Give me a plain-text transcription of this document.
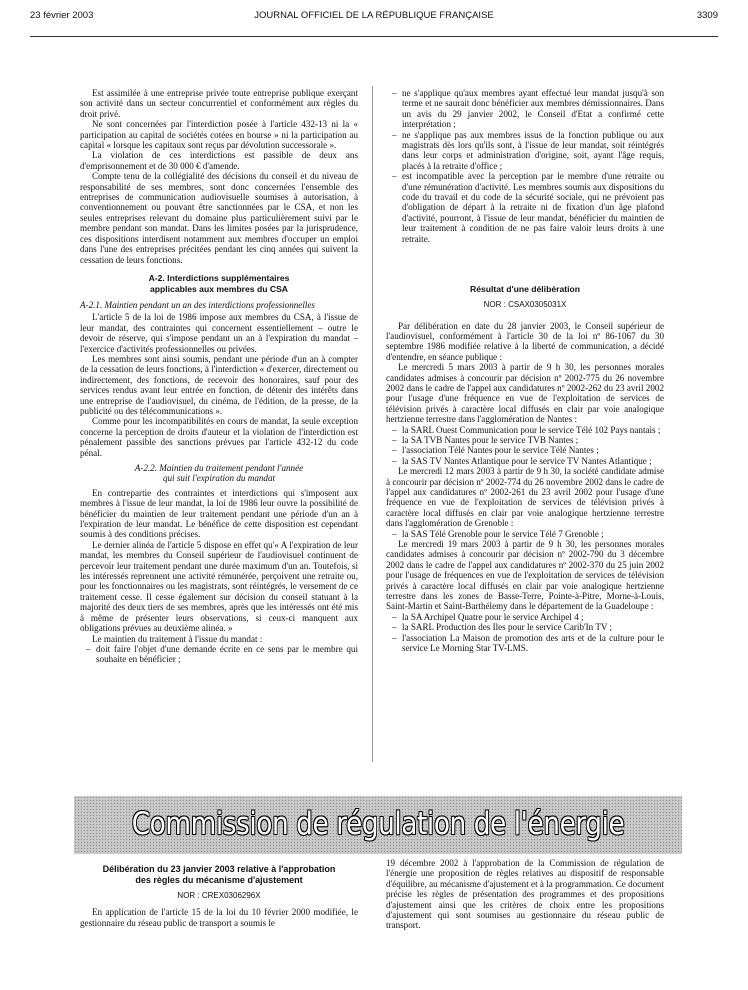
23 février 2003	JOURNAL OFFICIEL DE LA RÉPUBLIQUE FRANÇAISE	3309

Est assimilée à une entreprise privée toute entreprise publique exerçant son activité dans un secteur concurrentiel et conformément aux règles du droit privé.

Ne sont concernées par l'interdiction posée à l'article 432-13 ni la « participation au capital de sociétés cotées en bourse » ni la participation au capital « lorsque les capitaux sont reçus par dévolution successorale ».

La violation de ces interdictions est passible de deux ans d'emprisonnement et de 30 000 € d'amende.

Compte tenu de la collégialité des décisions du conseil et du niveau de responsabilité de ses membres, sont donc concernées l'ensemble des entreprises de communication audiovisuelle soumises à autorisation, à conventionnement ou pouvant être sanctionnées par le CSA, et non les seules entreprises relevant du domaine plus particulièrement suivi par le membre pendant son mandat. Dans les limites posées par la jurisprudence, ces dispositions interdisent notamment aux membres d'occuper un emploi dans l'une des entreprises précitées pendant les cinq années qui suivent la cessation de leurs fonctions.

A-2. Interdictions supplémentaires
applicables aux membres du CSA

A-2.1. Maintien pendant un an des interdictions professionnelles

L'article 5 de la loi de 1986 impose aux membres du CSA, à l'issue de leur mandat, des contraintes qui concernent essentiellement – outre le devoir de réserve, qui s'impose pendant un an à l'expiration du mandat – l'exercice d'activités professionnelles ou privées.

Les membres sont ainsi soumis, pendant une période d'un an à compter de la cessation de leurs fonctions, à l'interdiction « d'exercer, directement ou indirectement, des fonctions, de recevoir des honoraires, sauf pour des services rendus avant leur entrée en fonction, de détenir des intérêts dans une entreprise de l'audiovisuel, du cinéma, de l'édition, de la presse, de la publicité ou des télécommunications ».

Comme pour les incompatibilités en cours de mandat, la seule exception concerne la perception de droits d'auteur et la violation de l'interdiction est pénalement passible des sanctions prévues par l'article 432-12 du code pénal.

A-2.2. Maintien du traitement pendant l'année
qui suit l'expiration du mandat

En contrepartie des contraintes et interdictions qui s'imposent aux membres à l'issue de leur mandat, la loi de 1986 leur ouvre la possibilité de bénéficier du maintien de leur traitement pendant une période d'un an à l'expiration de leur mandat. Le bénéfice de cette disposition est cependant soumis à des conditions précises.

Le dernier alinéa de l'article 5 dispose en effet qu'« A l'expiration de leur mandat, les membres du Conseil supérieur de l'audiovisuel continuent de percevoir leur traitement pendant une durée maximum d'un an. Toutefois, si les intéressés reprennent une activité rémunérée, perçoivent une retraite ou, pour les fonctionnaires ou les magistrats, sont réintégrés, le versement de ce traitement cesse. Il cesse également sur décision du conseil statuant à la majorité des deux tiers de ses membres, après que les intéressés ont été mis à même de présenter leurs observations, si ceux-ci manquent aux obligations prévues au deuxième alinéa. »

Le maintien du traitement à l'issue du mandat :

– doit faire l'objet d'une demande écrite en ce sens par le membre qui souhaite en bénéficier ;

– ne s'applique qu'aux membres ayant effectué leur mandat jusqu'à son terme et ne saurait donc bénéficier aux membres démissionnaires. Dans un avis du 29 janvier 2002, le Conseil d'Etat a confirmé cette interprétation ;

– ne s'applique pas aux membres issus de la fonction publique ou aux magistrats dès lors qu'ils sont, à l'issue de leur mandat, soit réintégrés dans leur corps et administration d'origine, soit, ayant l'âge requis, placés à la retraite d'office ;

– est incompatible avec la perception par le membre d'une retraite ou d'une rémunération d'activité. Les membres soumis aux dispositions du code du travail et du code de la sécurité sociale, qui ne prévoient pas d'obligation de départ à la retraite ni de fixation d'un âge plafond d'activité, pourront, à l'issue de leur mandat, bénéficier du maintien de leur traitement à condition de ne pas faire valoir leurs droits à une retraite.

Résultat d'une délibération
NOR : CSAX0305031X

Par délibération en date du 28 janvier 2003, le Conseil supérieur de l'audiovisuel, conformément à l'article 30 de la loi nº 86-1067 du 30 septembre 1986 modifiée relative à la liberté de communication, a décidé d'entendre, en séance publique :

Le mercredi 5 mars 2003 à partir de 9 h 30, les personnes morales candidates admises à concourir par décision nº 2002-775 du 26 novembre 2002 dans le cadre de l'appel aux candidatures nº 2002-262 du 23 avril 2002 pour l'usage d'une fréquence en vue de l'exploitation de services de télévision privés à caractère local diffusés en clair par voie analogique hertzienne terrestre dans l'agglomération de Nantes :

– la SARL Ouest Communication pour le service Télé 102 Pays nantais ;

– la SA TVB Nantes pour le service TVB Nantes ;

– l'association Télé Nantes pour le service Télé Nantes ;

– la SAS TV Nantes Atlantique pour le service TV Nantes Atlantique ;

Le mercredi 12 mars 2003 à partir de 9 h 30, la société candidate admise à concourir par décision nº 2002-774 du 26 novembre 2002 dans le cadre de l'appel aux candidatures nº 2002-261 du 23 avril 2002 pour l'usage d'une fréquence en vue de l'exploitation de services de télévision privés à caractère local diffusés en clair par voie analogique hertzienne terrestre dans l'agglomération de Grenoble :

– la SAS Télé Grenoble pour le service Télé 7 Grenoble ;

Le mercredi 19 mars 2003 à partir de 9 h 30, les personnes morales candidates admises à concourir par décision nº 2002-790 du 3 décembre 2002 dans le cadre de l'appel aux candidatures nº 2002-370 du 25 juin 2002 pour l'usage de fréquences en vue de l'exploitation de services de télévision privés à caractère local diffusés en clair par voie analogique hertzienne terrestre dans les zones de Basse-Terre, Pointe-à-Pitre, Morne-à-Louis, Saint-Martin et Saint-Barthélemy dans le département de la Guadeloupe :

– la SA Archipel Quatre pour le service Archipel 4 ;

– la SARL Production des Iles pour le service Carib'In TV ;

– l'association La Maison de promotion des arts et de la culture pour le service Le Morning Star TV-LMS.

Commission de régulation de l'énergie
Délibération du 23 janvier 2003 relative à l'approbation
des règles du mécanisme d'ajustement
NOR : CREX0306296X

En application de l'article 15 de la loi du 10 février 2000 modifiée, le gestionnaire du réseau public de transport a soumis le

19 décembre 2002 à l'approbation de la Commission de régulation de l'énergie une proposition de règles relatives au dispositif de responsable d'équilibre, au mécanisme d'ajustement et à la programmation. Ce document précise les règles de présentation des programmes et des propositions d'ajustement ainsi que les critères de choix entre les propositions d'ajustement qui sont soumises au gestionnaire du réseau public de transport.
